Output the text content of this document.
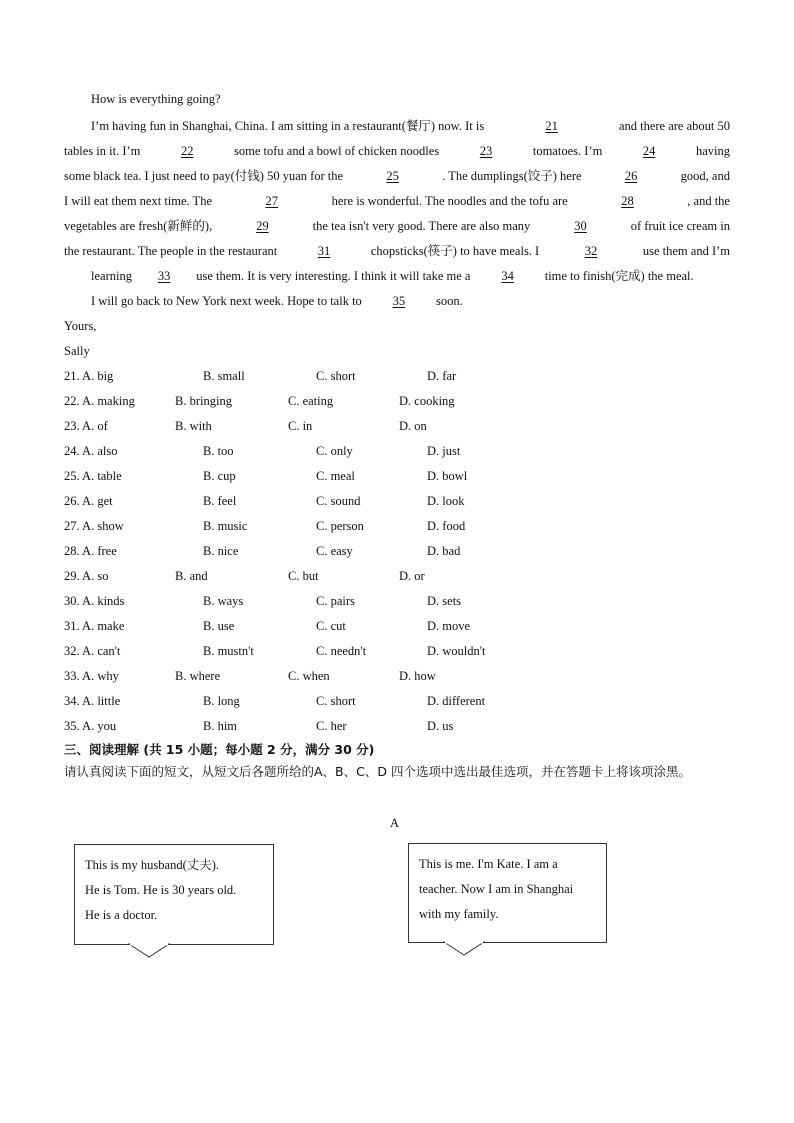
How is everything going?
I’m having fun in Shanghai, China. I am sitting in a restaurant(餐厅) now. It is	21	and there are about 50
tables in it. I’m	22	some tofu and a bowl of chicken noodles	23	tomatoes. I’m	24	having
some black tea. I just need to pay(付钱) 50 yuan for the	25	. The dumplings(饺子) here	26	good, and
I will eat them next time. The	27	here is wonderful. The noodles and the tofu are	28	, and the
vegetables are fresh(新鲜的),	29	the tea isn't very good. There are also many	30	of fruit ice cream in
the restaurant. The people in the restaurant	31	chopsticks(筷子) to have meals. I	32	use them and I’m
learning 33 use them. It is very interesting. I think it will take me a 34 time to finish(完成) the meal.
I will go back to New York next week. Hope to talk to 35 soon.
Yours,
Sally
21. A. big	B. small	C. short	D. far
22. A. making	B. bringing	C. eating	D. cooking
23. A. of	B. with	C. in	D. on
24. A. also	B. too	C. only	D. just
25. A. table	B. cup	C. meal	D. bowl
26. A. get	B. feel	C. sound	D. look
27. A. show	B. music	C. person	D. food
28. A. free	B. nice	C. easy	D. bad
29. A. so	B. and	C. but	D. or
30. A. kinds	B. ways	C. pairs	D. sets
31. A. make	B. use	C. cut	D. move
32. A. can't	B. mustn't	C. needn't	D. wouldn't
33. A. why	B. where	C. when	D. how
34. A. little	B. long	C. short	D. different
35. A. you	B. him	C. her	D. us
三、阅读理解 (共 15 小题；每小题 2 分，满分 30 分)
请认真阅读下面的短文，从短文后各题所给的A、B、C、D 四个选项中选出最佳选项，并在答题卡上将该项涂黑。
A
This is my husband(丈夫).
He is Tom. He is 30 years old.
He is a doctor.
This is me. I'm Kate. I am a
teacher. Now I am in Shanghai
with my family.
